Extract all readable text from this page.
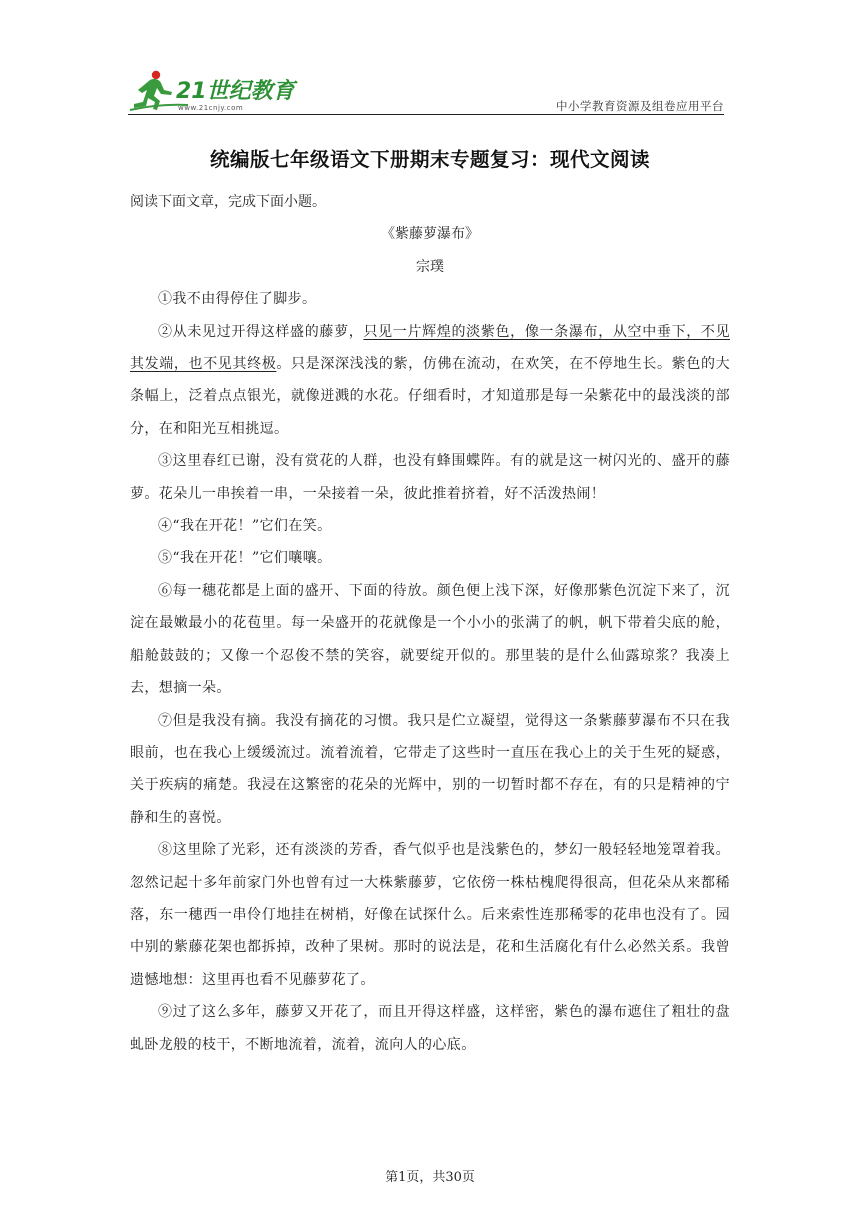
21世纪教育
www.21cnjy.com	中小学教育资源及组卷应用平台
统编版七年级语文下册期末专题复习：现代文阅读

阅读下面文章，完成下面小题。

《紫藤萝瀑布》

宗璞

①我不由得停住了脚步。

②从未见过开得这样盛的藤萝，只见一片辉煌的淡紫色，像一条瀑布，从空中垂下，不见其发端，也不见其终极。只是深深浅浅的紫，仿佛在流动，在欢笑，在不停地生长。紫色的大条幅上，泛着点点银光，就像迸溅的水花。仔细看时，才知道那是每一朵紫花中的最浅淡的部分，在和阳光互相挑逗。

③这里春红已谢，没有赏花的人群，也没有蜂围蝶阵。有的就是这一树闪光的、盛开的藤萝。花朵儿一串挨着一串，一朵接着一朵，彼此推着挤着，好不活泼热闹！

④“我在开花！”它们在笑。

⑤“我在开花！”它们嚷嚷。

⑥每一穗花都是上面的盛开、下面的待放。颜色便上浅下深，好像那紫色沉淀下来了，沉淀在最嫩最小的花苞里。每一朵盛开的花就像是一个小小的张满了的帆，帆下带着尖底的舱，船舱鼓鼓的；又像一个忍俊不禁的笑容，就要绽开似的。那里装的是什么仙露琼浆？我凑上去，想摘一朵。

⑦但是我没有摘。我没有摘花的习惯。我只是伫立凝望，觉得这一条紫藤萝瀑布不只在我眼前，也在我心上缓缓流过。流着流着，它带走了这些时一直压在我心上的关于生死的疑惑，关于疾病的痛楚。我浸在这繁密的花朵的光辉中，别的一切暂时都不存在，有的只是精神的宁静和生的喜悦。

⑧这里除了光彩，还有淡淡的芳香，香气似乎也是浅紫色的，梦幻一般轻轻地笼罩着我。忽然记起十多年前家门外也曾有过一大株紫藤萝，它依傍一株枯槐爬得很高，但花朵从来都稀落，东一穗西一串伶仃地挂在树梢，好像在试探什么。后来索性连那稀零的花串也没有了。园中别的紫藤花架也都拆掉，改种了果树。那时的说法是，花和生活腐化有什么必然关系。我曾遗憾地想：这里再也看不见藤萝花了。

⑨过了这么多年，藤萝又开花了，而且开得这样盛，这样密，紫色的瀑布遮住了粗壮的盘虬卧龙般的枝干，不断地流着，流着，流向人的心底。

第1页，共30页
